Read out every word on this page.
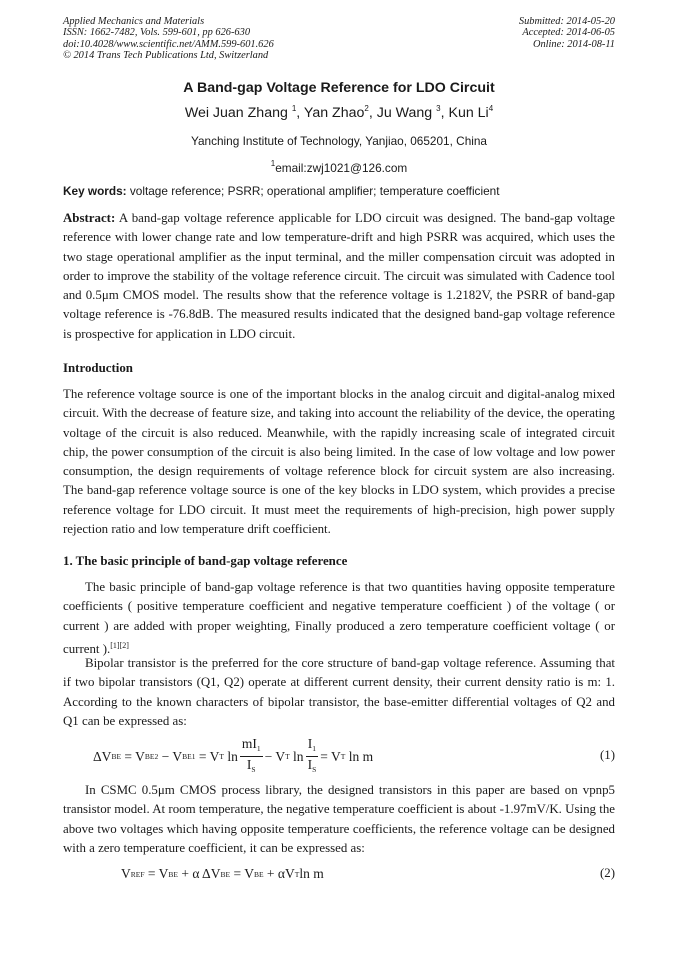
Applied Mechanics and Materials
ISSN: 1662-7482, Vols. 599-601, pp 626-630
doi:10.4028/www.scientific.net/AMM.599-601.626
© 2014 Trans Tech Publications Ltd, Switzerland
Submitted: 2014-05-20
Accepted: 2014-06-05
Online: 2014-08-11
A Band-gap Voltage Reference for LDO Circuit
Wei Juan Zhang $^1$, Yan Zhao$^2$, Ju Wang $^3$, Kun Li$^4$
Yanching Institute of Technology, Yanjiao, 065201, China
$^1$email:zwj1021@126.com
Key words: voltage reference; PSRR; operational amplifier; temperature coefficient
Abstract: A band-gap voltage reference applicable for LDO circuit was designed. The band-gap voltage reference with lower change rate and low temperature-drift and high PSRR was acquired, which uses the two stage operational amplifier as the input terminal, and the miller compensation circuit was adopted in order to improve the stability of the voltage reference circuit. The circuit was simulated with Cadence tool and 0.5μm CMOS model. The results show that the reference voltage is 1.2182V, the PSRR of band-gap voltage reference is -76.8dB. The measured results indicated that the designed band-gap voltage reference is prospective for application in LDO circuit.
Introduction
The reference voltage source is one of the important blocks in the analog circuit and digital-analog mixed circuit. With the decrease of feature size, and taking into account the reliability of the device, the operating voltage of the circuit is also reduced. Meanwhile, with the rapidly increasing scale of integrated circuit chip, the power consumption of the circuit is also being limited. In the case of low voltage and low power consumption, the design requirements of voltage reference block for circuit system are also increasing. The band-gap reference voltage source is one of the key blocks in LDO system, which provides a precise reference voltage for LDO circuit. It must meet the requirements of high-precision, high power supply rejection ratio and low temperature drift coefficient.
1. The basic principle of band-gap voltage reference
The basic principle of band-gap voltage reference is that two quantities having opposite temperature coefficients ( positive temperature coefficient and negative temperature coefficient ) of the voltage ( or current ) are added with proper weighting, Finally produced a zero temperature coefficient voltage ( or current ).[1][2]
Bipolar transistor is the preferred for the core structure of band-gap voltage reference. Assuming that if two bipolar transistors (Q1, Q2) operate at different current density, their current density ratio is m: 1. According to the known characters of bipolar transistor, the base-emitter differential voltages of Q2 and Q1 can be expressed as:
ΔV BE
= V BE2
− V BE1
= V T
$\ln \frac{mI_1}{I_S} - V$ T
$\ln \frac{I_1}{I_S} = V$ T
ln m	(1)
In CSMC 0.5μm CMOS process library, the designed transistors in this paper are based on vpnp5 transistor model. At room temperature, the negative temperature coefficient is about -1.97mV/K. Using the above two voltages which having opposite temperature coefficients, the reference voltage can be designed with a zero temperature coefficient, it can be expressed as:
V REF
= V BE
+ α ΔV BE
= V BE
+ αV T ln m	(2)
